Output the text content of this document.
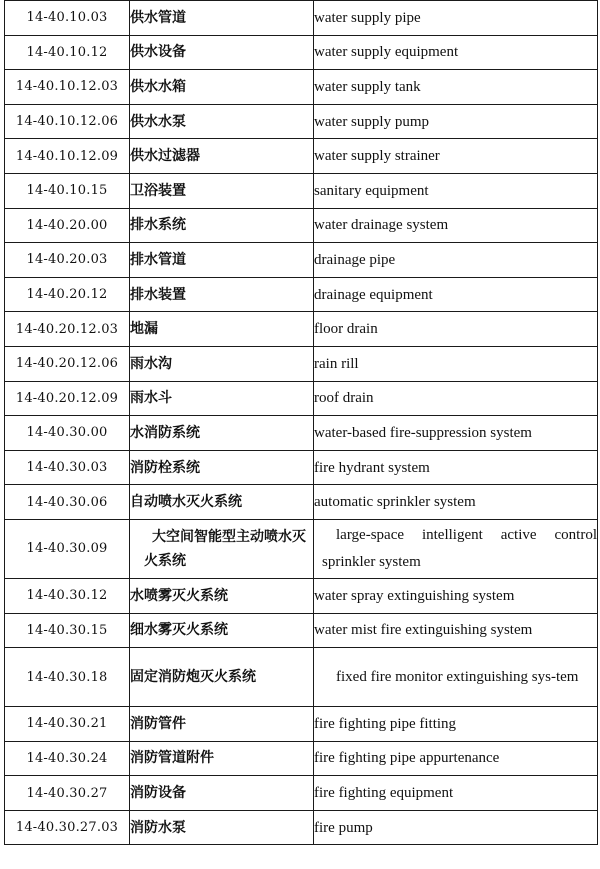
14-40.10.03	供水管道	water supply pipe
14-40.10.12	供水设备	water supply equipment
14-40.10.12.03	供水水箱	water supply tank
14-40.10.12.06	供水水泵	water supply pump
14-40.10.12.09	供水过滤器	water supply strainer
14-40.10.15	卫浴装置	sanitary equipment
14-40.20.00	排水系统	water drainage system
14-40.20.03	排水管道	drainage pipe
14-40.20.12	排水装置	drainage equipment
14-40.20.12.03	地漏	floor drain
14-40.20.12.06	雨水沟	rain rill
14-40.20.12.09	雨水斗	roof drain
14-40.30.00	水消防系统	water-based fire-suppression system
14-40.30.03	消防栓系统	fire hydrant system
14-40.30.06	自动喷水灭火系统	automatic sprinkler system
14-40.30.09	大空间智能型主动喷水灭火系统	large-space intelligent active control sprinkler system
14-40.30.12	水喷雾灭火系统	water spray extinguishing system
14-40.30.15	细水雾灭火系统	water mist fire extinguishing system
14-40.30.18	固定消防炮灭火系统	fixed fire monitor extinguishing sys-tem
14-40.30.21	消防管件	fire fighting pipe fitting
14-40.30.24	消防管道附件	fire fighting pipe appurtenance
14-40.30.27	消防设备	fire fighting equipment
14-40.30.27.03	消防水泵	fire pump
